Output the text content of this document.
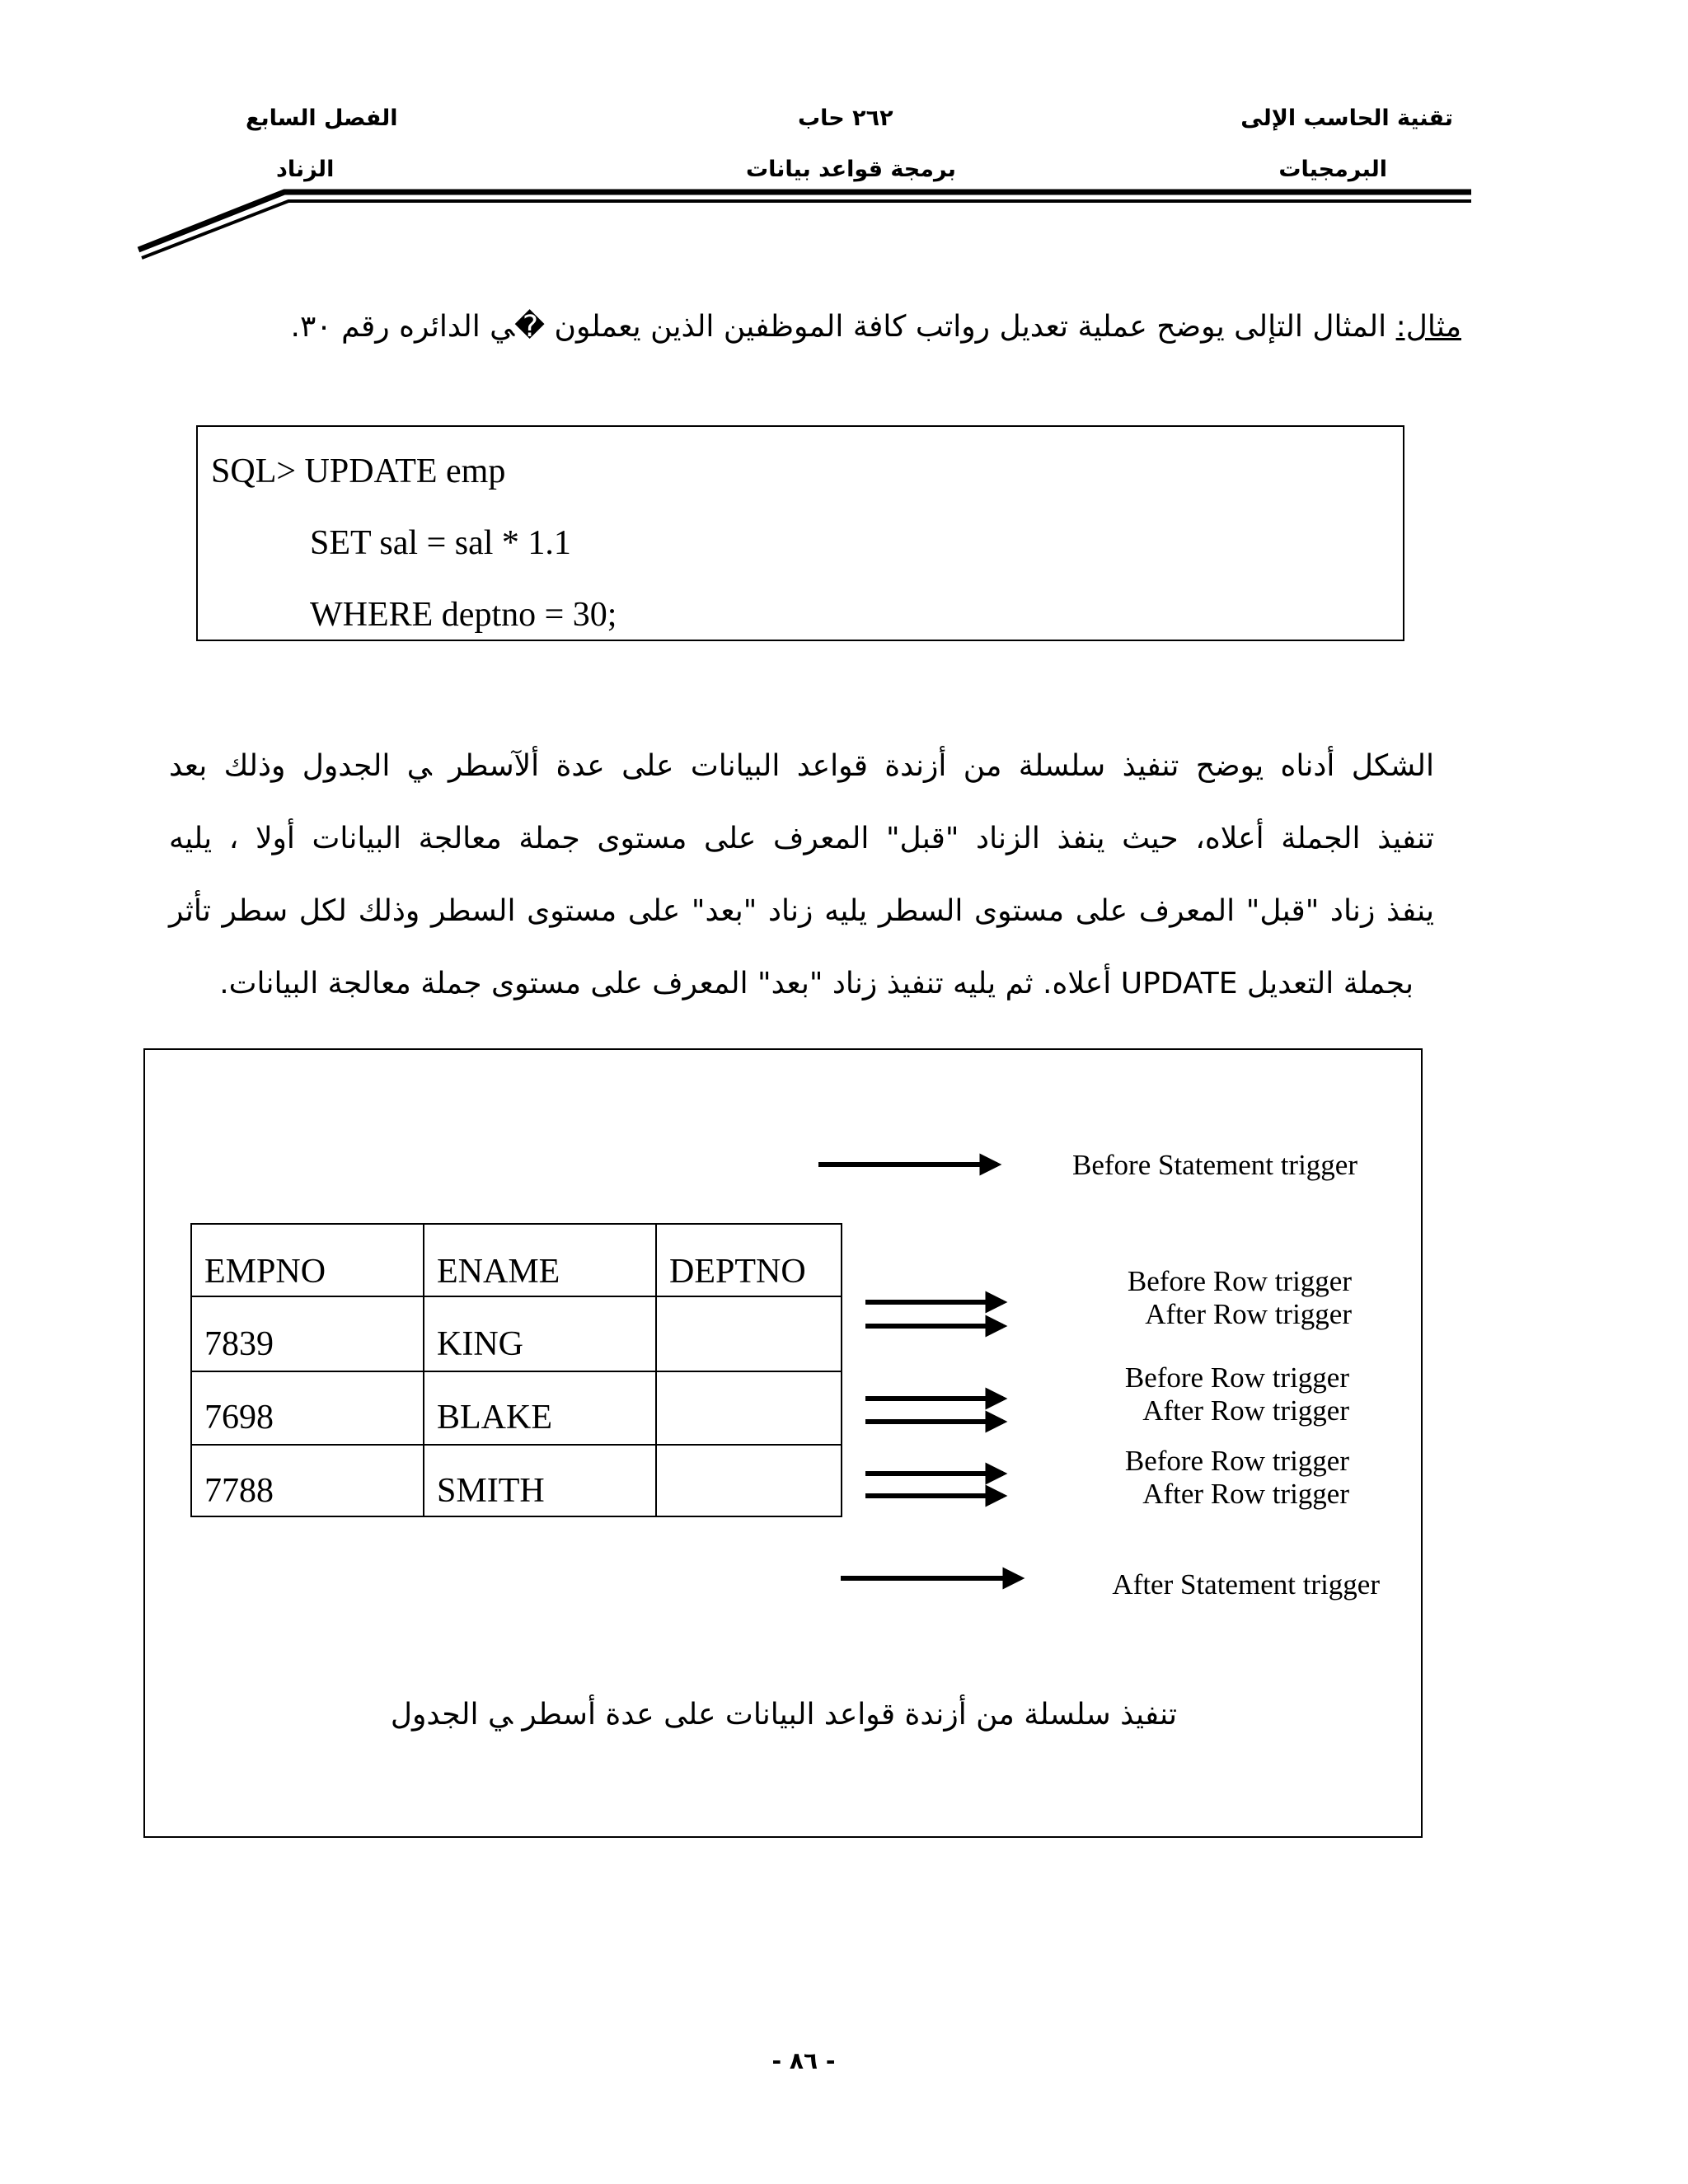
تقنية الحاسب الإلى
٢٦٢ حاب
الفصل السابع
البرمجيات
برمجة قواعد بيانات
الزناد
مثال: المثال التإلى يوضح عملية تعديل رواتب كافة الموظفين الذين يعملون �ﻲ الدائره رقم ٣٠.
SQL> UPDATE emp
SET sal = sal * 1.1
WHERE deptno = 30;
الشكل أدناه يوضح تنفيذ سلسلة من أزندة قواعد البيانات على عدة ألآسطر ﻲ الجدول وذلك بعد
تنفيذ الجملة أعلاه، حيث ينفذ الزناد "قبل" المعرف على مستوى جملة معالجة البيانات أولا ، يليه
ينفذ زناد "قبل" المعرف على مستوى السطر يليه زناد "بعد" على مستوى السطر وذلك لكل سطر تأثر
بجملة التعديل UPDATE أعلاه. ثم يليه تنفيذ زناد "بعد" المعرف على مستوى جملة معالجة البيانات.
EMPNO	ENAME	DEPTNO
7839	KING
7698	BLAKE
7788	SMITH
Before Statement trigger
Before Row trigger
After Row trigger
Before Row trigger
After Row trigger
Before Row trigger
After Row trigger
After Statement trigger
تنفيذ سلسلة من أزندة قواعد البيانات على عدة أسطر ﻲ الجدول
- ٨٦ -
